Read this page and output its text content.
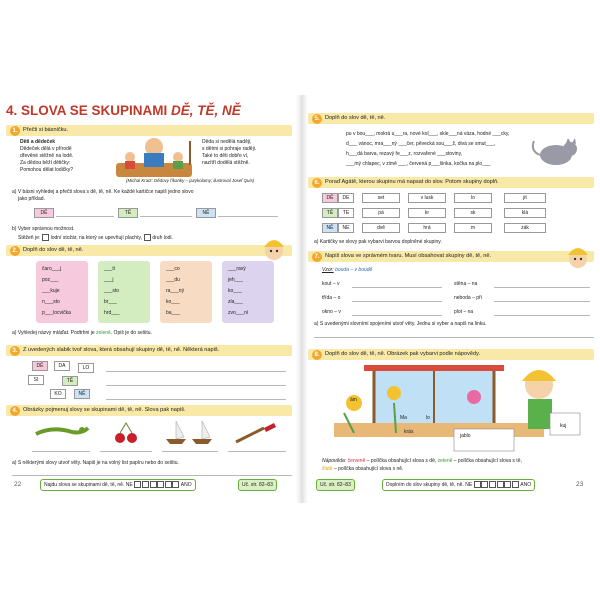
4. SLOVA SE SKUPINAMI DĚ, TĚ, NĚ
1. Přečti si básničku.
Děti a dědeček
Dědeček dělá v přírodě
dřevěné stěžně na lodě.
Za dědou běží dětičky:
Pomohou dělat lodičky?
Děda si nedělá naději,
s dětmi si pohraje raději.
Také to děti dobře ví,
nazítří dodělá stěžně.
(Michal Kratz: Dědovy říkanky – jazykolamy; ilustroval Josef Quis)
a) V básni vyhledej a přečti slova s dě, tě, ně. Ke každé kartičce napiš jedno slovo
jako příklad.
DĚ	TĚ	NĚ
b) Vyber správnou možnost.
Stěžeň je: lodní stožár, na který se upevňují plachty, druh lodi.
2. Doplň do slov dě, tě, ně.
čaro___j
poz___
___kuje
n___sto
p___locvička
___ti
___j
___sto
br___
hrd___
___co
___du
ra___ný
ko___
ba___
___ravý
jeh___
ko___
zla___
zvo___ní
a) Vyhledej názvy mláďat. Podtrhni je zeleně. Opiš je do sešitu.
3. Z uvedených slabik tvoř slova, která obsahují skupiny dě, tě, ně. Některá napiš.
DĚ	DA	LO
SI	TĚ
KO	NĚ
4. Obrázky pojmenuj slovy se skupinami dě, tě, ně. Slova pak napiš.
a) S některými slovy utvoř věty. Napiš je na volný list papíru nebo do sešitu.
22	Najdu slova se skupinami dě, tě, ně. NE	ANO	Uč. str. 82–83
5. Doplň do slov dě, tě, ně.
pu v bou___, mokrá u___ra, nové kol___, skle___ná váza, hodné ___cky,
d___ vánoc, mra___ný ___čer, pěvecká sou___ž, divá se smut___,
h___dá barva, rezavý ře___z, rozvařené ___stoviny,
___mý chlapec, v zimě ___, červená p___šinka, kočka na plo___
6. Poraď Agátě, kterou skupinu má napsat do slov. Potom skupiny doplň.
DĚ	DE	set	v lusk	lo	jit
TĚ	TE	pá	kr	sk	klá
NĚ	NE	dvě	hrá	m	zák
a) Kartičky se slovy pak vybarvi barvou doplněné skupiny.
7. Napiš slova ve správném tvaru. Musí obsahovat skupiny dě, tě, ně.
Vzor: bouda – v boudě
kout – v
třída – o
okno – v
stěna – na
neboda – při
plot – na
a) S uvedenými slovními spojeními utvoř věty. Jednu si vyber a napiš na linku.
8. Doplň do slov dě, tě, ně. Obrázek pak vybarvi podle nápovědy.
ám
Ma	lo
krás
jablo
kuj
Nápověda: červeně – políčka obsahující slova s dě, zeleně – políčka obsahující slova s tě,
žlutě – políčka obsahující slova s ně.
Uč. str. 82–83	Doplním do slov skupiny dě, tě, ně. NE	ANO	23
